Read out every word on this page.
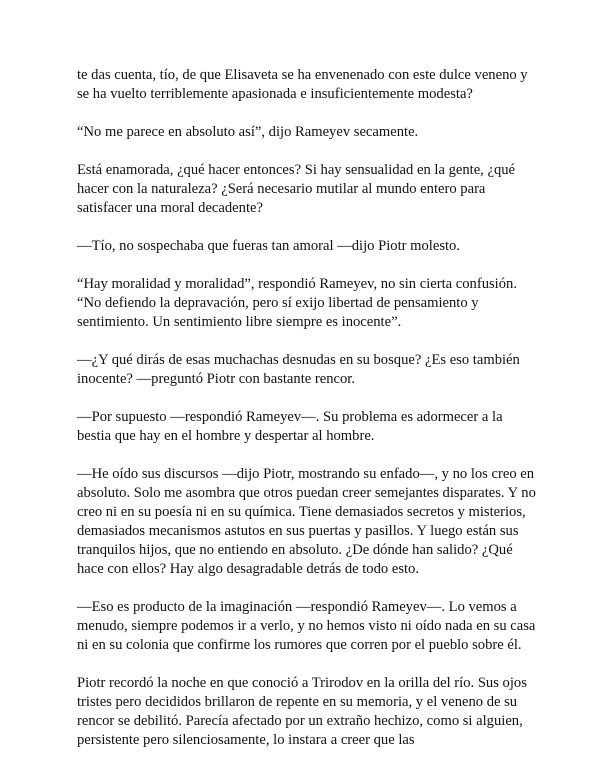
te das cuenta, tío, de que Elisaveta se ha envenenado con este dulce veneno y se ha vuelto terriblemente apasionada e insuficientemente modesta?

“No me parece en absoluto así”, dijo Rameyev secamente.

Está enamorada, ¿qué hacer entonces? Si hay sensualidad en la gente, ¿qué hacer con la naturaleza? ¿Será necesario mutilar al mundo entero para satisfacer una moral decadente?

—Tío, no sospechaba que fueras tan amoral —dijo Piotr molesto.

“Hay moralidad y moralidad”, respondió Rameyev, no sin cierta confusión. “No defiendo la depravación, pero sí exijo libertad de pensamiento y sentimiento. Un sentimiento libre siempre es inocente”.

—¿Y qué dirás de esas muchachas desnudas en su bosque? ¿Es eso también inocente? —preguntó Piotr con bastante rencor.

—Por supuesto —respondió Rameyev—. Su problema es adormecer a la bestia que hay en el hombre y despertar al hombre.

—He oído sus discursos —dijo Piotr, mostrando su enfado—, y no los creo en absoluto. Solo me asombra que otros puedan creer semejantes disparates. Y no creo ni en su poesía ni en su química. Tiene demasiados secretos y misterios, demasiados mecanismos astutos en sus puertas y pasillos. Y luego están sus tranquilos hijos, que no entiendo en absoluto. ¿De dónde han salido? ¿Qué hace con ellos? Hay algo desagradable detrás de todo esto.

—Eso es producto de la imaginación —respondió Rameyev—. Lo vemos a menudo, siempre podemos ir a verlo, y no hemos visto ni oído nada en su casa ni en su colonia que confirme los rumores que corren por el pueblo sobre él.

Piotr recordó la noche en que conoció a Trirodov en la orilla del río. Sus ojos tristes pero decididos brillaron de repente en su memoria, y el veneno de su rencor se debilitó. Parecía afectado por un extraño hechizo, como si alguien, persistente pero silenciosamente, lo instara a creer que las
